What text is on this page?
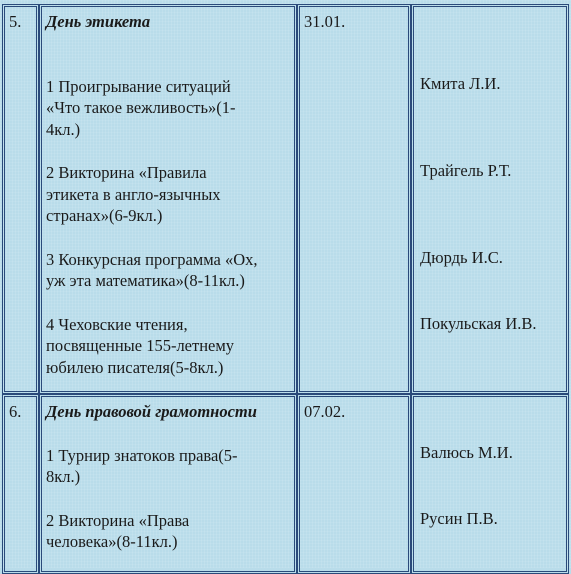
5.	День этикета
1 Проигрывание ситуаций
«Что такое вежливость»(1-
4кл.)
2 Викторина «Правила
этикета в англо-язычных
странах»(6-9кл.)
3 Конкурсная программа «Ох,
уж эта математика»(8-11кл.)
4 Чеховские чтения,
посвященные 155-летнему
юбилею писателя(5-8кл.)
31.01.
Кмита Л.И.
Трайгель Р.Т.
Дюрдь И.С.
Покульская И.В.
6.	День правовой грамотности
1 Турнир знатоков права(5-
8кл.)
2 Викторина «Права
человека»(8-11кл.)
07.02.
Валюсь М.И.
Русин П.В.
